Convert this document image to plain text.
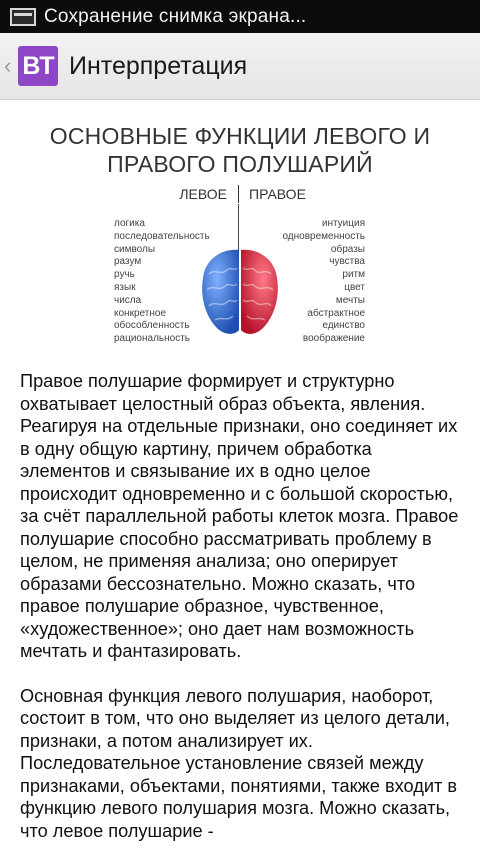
Сохранение снимка экрана...
‹ BT Интерпретация
ОСНОВНЫЕ ФУНКЦИИ ЛЕВОГО И ПРАВОГО ПОЛУШАРИЙ
ЛЕВОЕ ПРАВОЕ
логика
последовательность
символы
разум
ручь
язык
числа
конкретное
обособленность
рациональность
интуиция
одновременность
образы
чувства
ритм
цвет
мечты
абстрактное
единство
воображение

Правое полушарие формирует и структурно охватывает целостный образ объекта, явления. Реагируя на отдельные признаки, оно соединяет их в одну общую картину, причем обработка элементов и связывание их в одно целое происходит одновременно и с большой скоростью, за счёт параллельной работы клеток мозга. Правое полушарие способно рассматривать проблему в целом, не применяя анализа; оно оперирует образами бессознательно. Можно сказать, что правое полушарие образное, чувственное, «художественное»; оно дает нам возможность мечтать и фантазировать.

Основная функция левого полушария, наоборот, состоит в том, что оно выделяет из целого детали, признаки, а потом анализирует их. Последовательное установление связей между признаками, объектами, понятиями, также входит в функцию левого полушария мозга. Можно сказать, что левое полушарие -
